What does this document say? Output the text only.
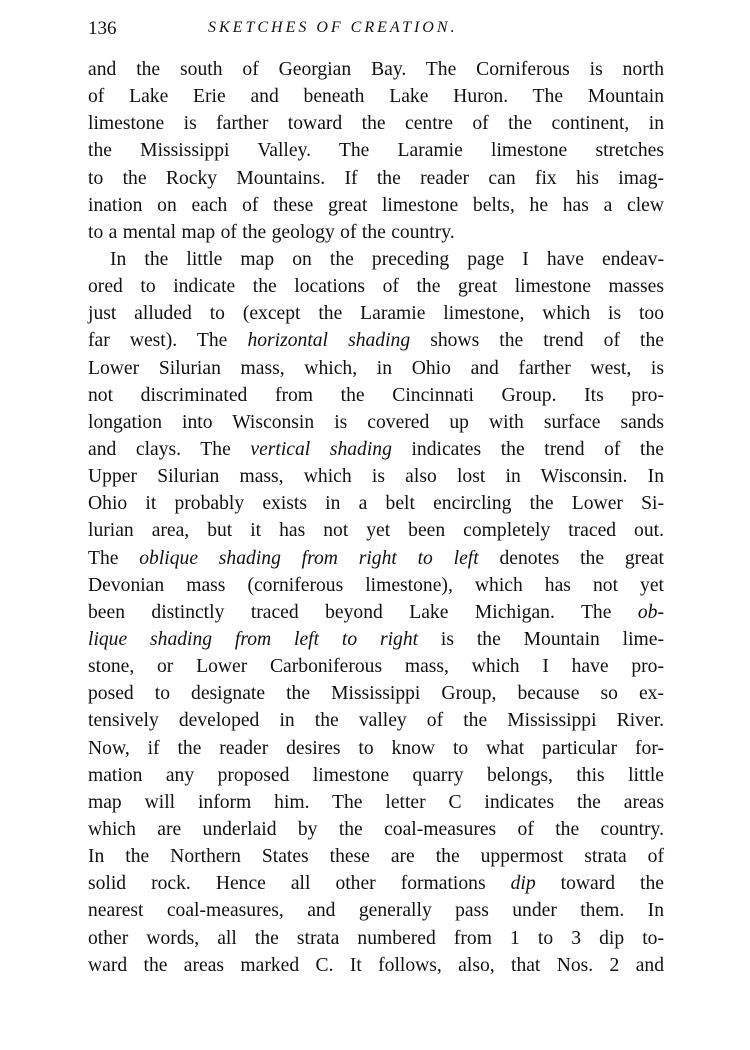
136	SKETCHES OF CREATION.
and the south of Georgian Bay. The Corniferous is north
of Lake Erie and beneath Lake Huron. The Mountain
limestone is farther toward the centre of the continent, in
the Mississippi Valley. The Laramie limestone stretches
to the Rocky Mountains. If the reader can fix his imag-
ination on each of these great limestone belts, he has a clew
to a mental map of the geology of the country.
In the little map on the preceding page I have endeav-
ored to indicate the locations of the great limestone masses
just alluded to (except the Laramie limestone, which is too
far west). The horizontal shading shows the trend of the
Lower Silurian mass, which, in Ohio and farther west, is
not discriminated from the Cincinnati Group. Its pro-
longation into Wisconsin is covered up with surface sands
and clays. The vertical shading indicates the trend of the
Upper Silurian mass, which is also lost in Wisconsin. In
Ohio it probably exists in a belt encircling the Lower Si-
lurian area, but it has not yet been completely traced out.
The oblique shading from right to left denotes the great
Devonian mass (corniferous limestone), which has not yet
been distinctly traced beyond Lake Michigan. The ob-
lique shading from left to right is the Mountain lime-
stone, or Lower Carboniferous mass, which I have pro-
posed to designate the Mississippi Group, because so ex-
tensively developed in the valley of the Mississippi River.
Now, if the reader desires to know to what particular for-
mation any proposed limestone quarry belongs, this little
map will inform him. The letter C indicates the areas
which are underlaid by the coal-measures of the country.
In the Northern States these are the uppermost strata of
solid rock. Hence all other formations dip toward the
nearest coal-measures, and generally pass under them. In
other words, all the strata numbered from 1 to 3 dip to-
ward the areas marked C. It follows, also, that Nos. 2 and
